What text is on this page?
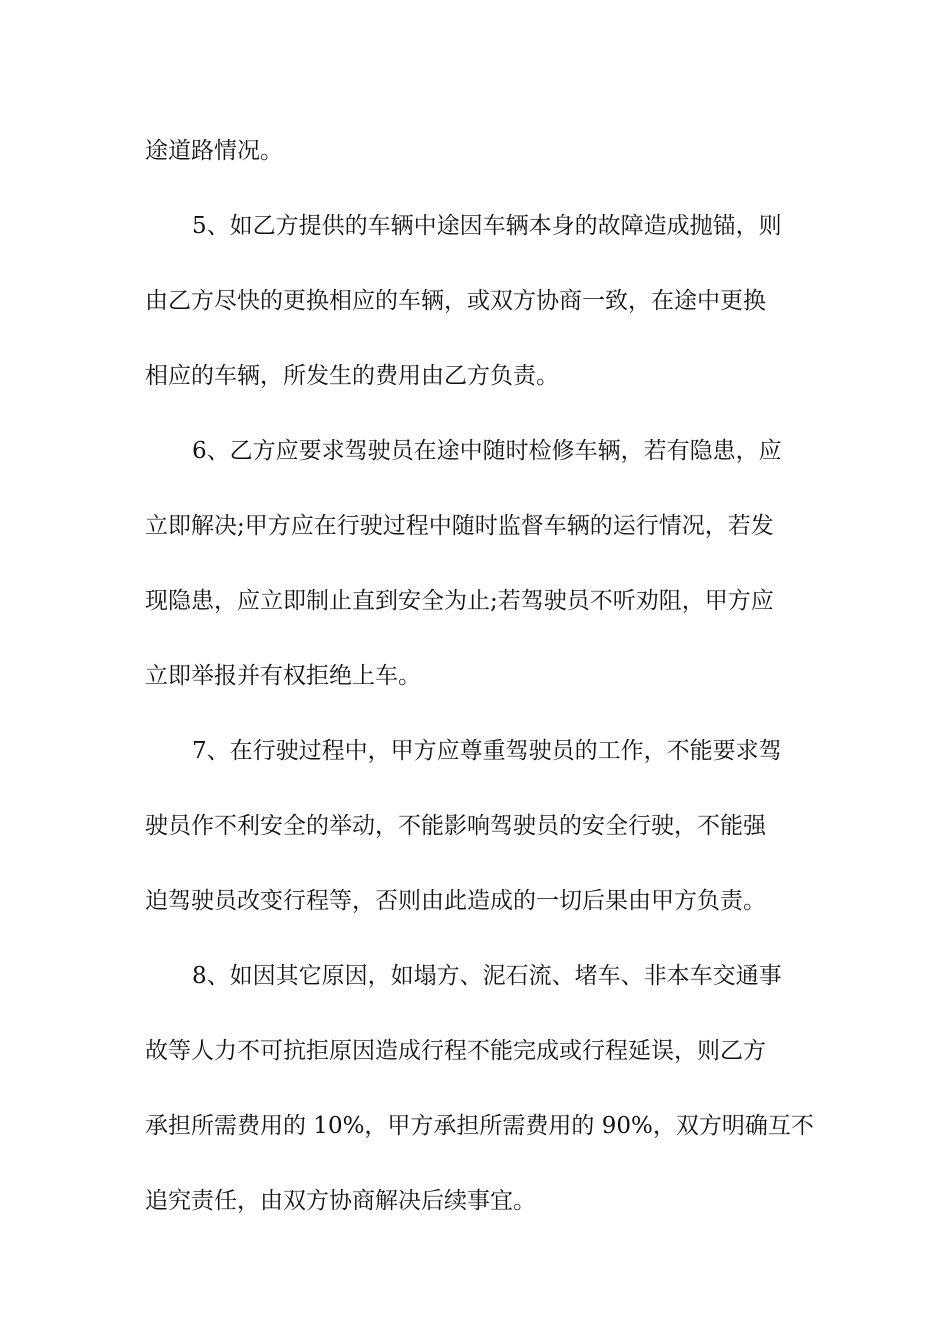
途道路情况。
5、如乙方提供的车辆中途因车辆本身的故障造成抛锚，则
由乙方尽快的更换相应的车辆，或双方协商一致，在途中更换
相应的车辆，所发生的费用由乙方负责。
6、乙方应要求驾驶员在途中随时检修车辆，若有隐患，应
立即解决;甲方应在行驶过程中随时监督车辆的运行情况，若发
现隐患，应立即制止直到安全为止;若驾驶员不听劝阻，甲方应
立即举报并有权拒绝上车。
7、在行驶过程中，甲方应尊重驾驶员的工作，不能要求驾
驶员作不利安全的举动，不能影响驾驶员的安全行驶，不能强
迫驾驶员改变行程等，否则由此造成的一切后果由甲方负责。
8、如因其它原因，如塌方、泥石流、堵车、非本车交通事
故等人力不可抗拒原因造成行程不能完成或行程延误，则乙方
承担所需费用的 10%，甲方承担所需费用的 90%，双方明确互不
追究责任，由双方协商解决后续事宜。
